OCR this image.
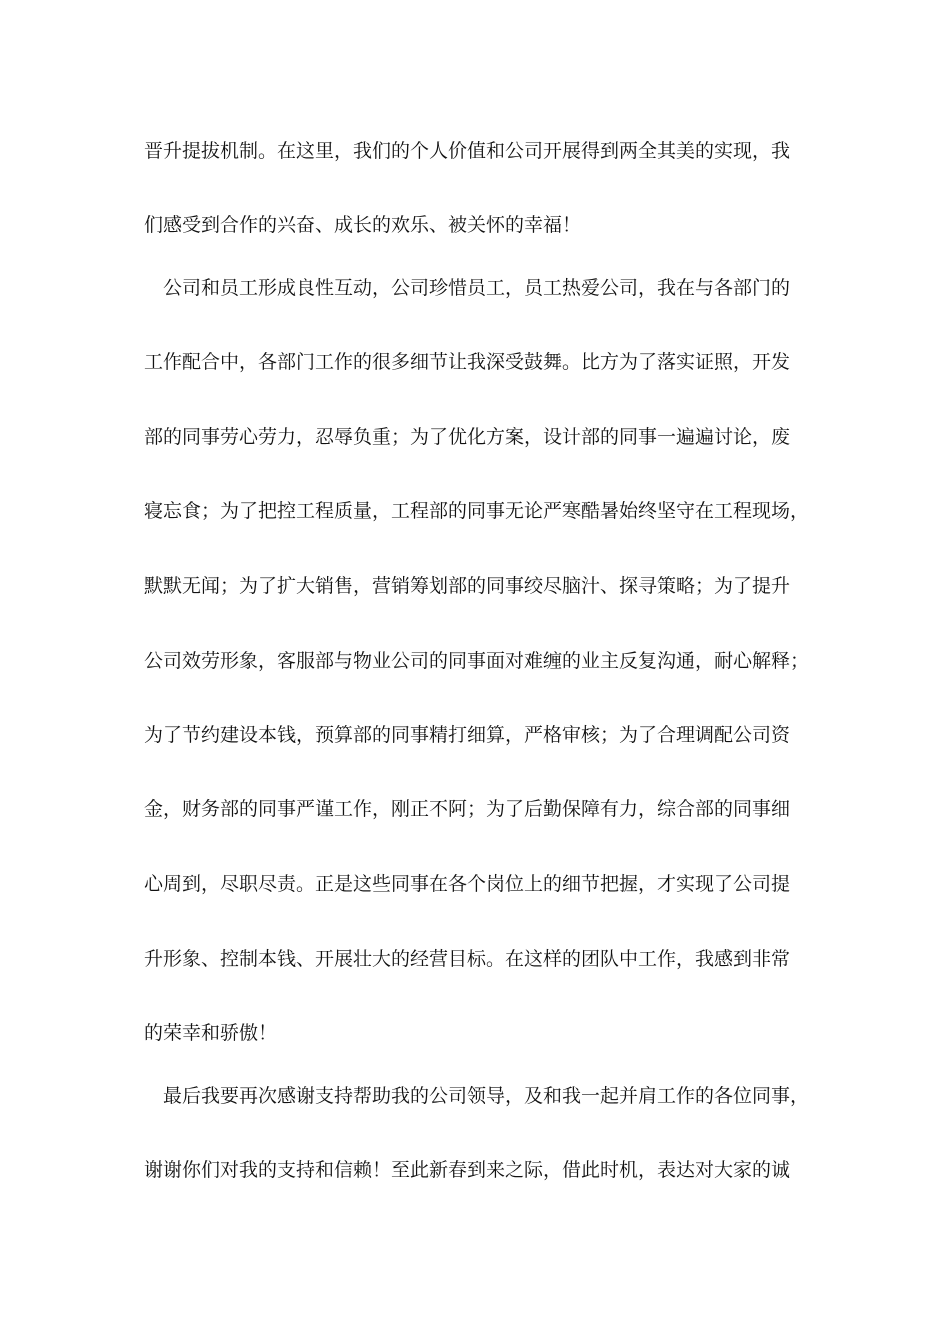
晋升提拔机制。在这里，我们的个人价值和公司开展得到两全其美的实现，我
们感受到合作的兴奋、成长的欢乐、被关怀的幸福！
公司和员工形成良性互动，公司珍惜员工，员工热爱公司，我在与各部门的
工作配合中，各部门工作的很多细节让我深受鼓舞。比方为了落实证照，开发
部的同事劳心劳力，忍辱负重；为了优化方案，设计部的同事一遍遍讨论，废
寝忘食；为了把控工程质量，工程部的同事无论严寒酷暑始终坚守在工程现场，
默默无闻；为了扩大销售，营销筹划部的同事绞尽脑汁、探寻策略；为了提升
公司效劳形象，客服部与物业公司的同事面对难缠的业主反复沟通，耐心解释；
为了节约建设本钱，预算部的同事精打细算，严格审核；为了合理调配公司资
金，财务部的同事严谨工作，刚正不阿；为了后勤保障有力，综合部的同事细
心周到，尽职尽责。正是这些同事在各个岗位上的细节把握，才实现了公司提
升形象、控制本钱、开展壮大的经营目标。在这样的团队中工作，我感到非常
的荣幸和骄傲！
最后我要再次感谢支持帮助我的公司领导，及和我一起并肩工作的各位同事，
谢谢你们对我的支持和信赖！至此新春到来之际，借此时机，表达对大家的诚
